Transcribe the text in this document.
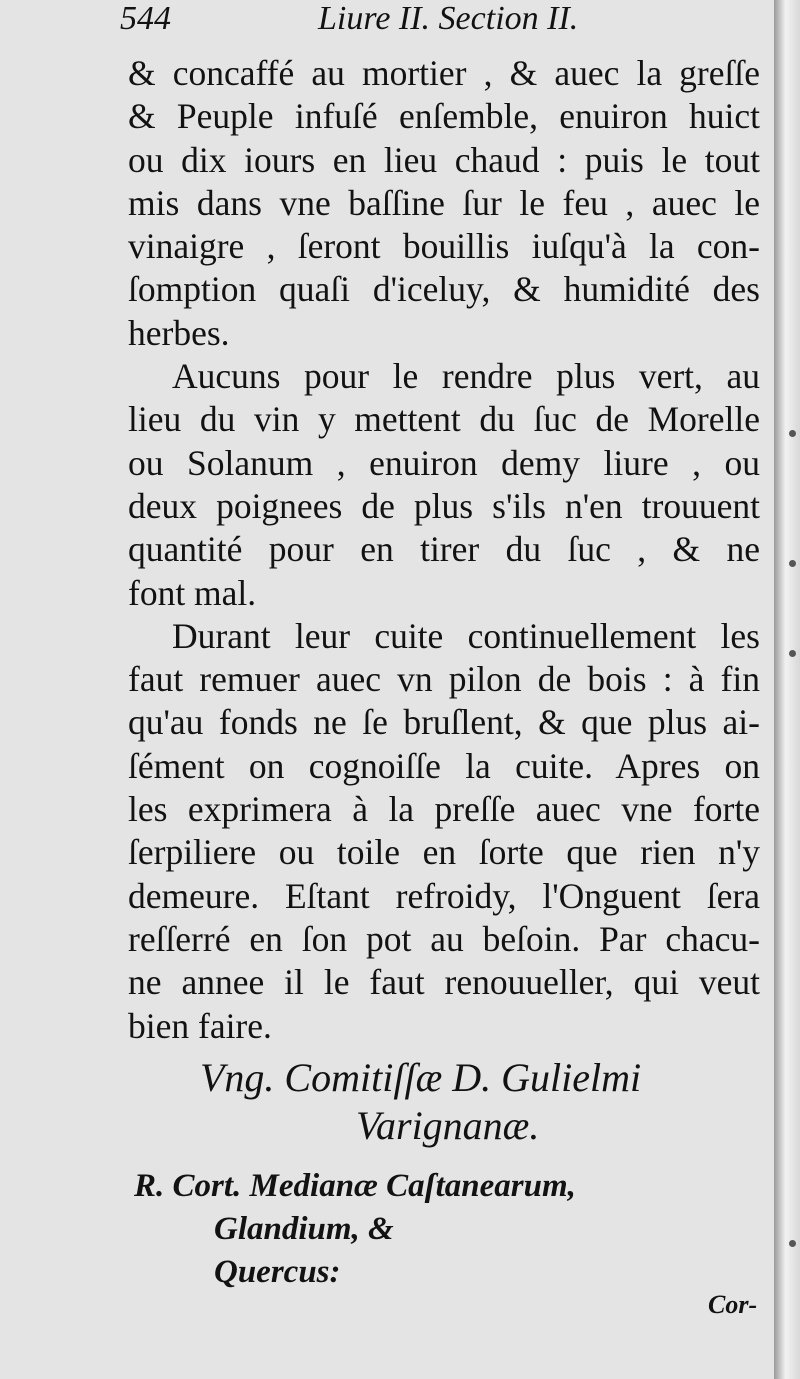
544	Liure II. Section II.
& concaffé au mortier , & auec la greſſe
& Peuple infuſé enſemble, enuiron huict
ou dix iours en lieu chaud : puis le tout
mis dans vne baſſine ſur le feu , auec le
vinaigre , ſeront bouillis iuſqu'à la con-
ſomption quaſi d'iceluy, & humidité des
herbes.
Aucuns pour le rendre plus vert, au
lieu du vin y mettent du ſuc de Morelle
ou Solanum , enuiron demy liure , ou
deux poignees de plus s'ils n'en trouuent
quantité pour en tirer du ſuc , & ne
font mal.
Durant leur cuite continuellement les
faut remuer auec vn pilon de bois : à fin
qu'au fonds ne ſe bruſlent, & que plus ai-
ſément on cognoiſſe la cuite. Apres on
les exprimera à la preſſe auec vne forte
ſerpiliere ou toile en ſorte que rien n'y
demeure. Eſtant refroidy, l'Onguent ſera
reſſerré en ſon pot au beſoin. Par chacu-
ne annee il le faut renouueller, qui veut
bien faire.
Vng. Comitiſſæ D. Gulielmi
Varignanæ.
R. Cort. Medianæ Caſtanearum,
Glandium, &
Quercus:
Cor-
